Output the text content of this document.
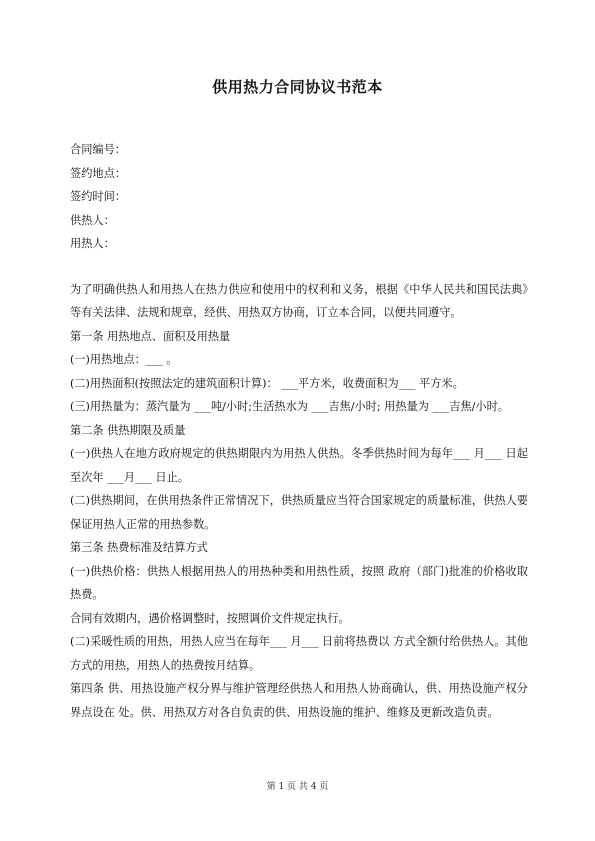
供用热力合同协议书范本
合同编号：
签约地点：
签约时间：
供热人：
用热人：
为了明确供热人和用热人在热力供应和使用中的权利和义务，根据《中华人民共和国民法典》等有关法律、法规和规章，经供、用热双方协商，订立本合同，以便共同遵守。
第一条 用热地点、面积及用热量
(一)用热地点：___ 。
(二)用热面积(按照法定的建筑面积计算)： ___平方米，收费面积为___ 平方米。
(三)用热量为：蒸汽量为 ___吨/小时;生活热水为 ___吉焦/小时; 用热量为 ___吉焦/小时。
第二条 供热期限及质量
(一)供热人在地方政府规定的供热期限内为用热人供热。冬季供热时间为每年___ 月___ 日起至次年 ___月___ 日止。
(二)供热期间，在供用热条件正常情况下，供热质量应当符合国家规定的质量标准，供热人要保证用热人正常的用热参数。
第三条 热费标准及结算方式
(一)供热价格：供热人根据用热人的用热种类和用热性质，按照 政府（部门)批准的价格收取热费。
合同有效期内，遇价格调整时，按照调价文件规定执行。
(二)采暖性质的用热，用热人应当在每年___ 月___ 日前将热费以 方式全额付给供热人。其他方式的用热，用热人的热费按月结算。
第四条 供、用热设施产权分界与维护管理经供热人和用热人协商确认，供、用热设施产权分界点设在 处。供、用热双方对各自负责的供、用热设施的维护、维修及更新改造负责。
第 1 页 共 4 页
